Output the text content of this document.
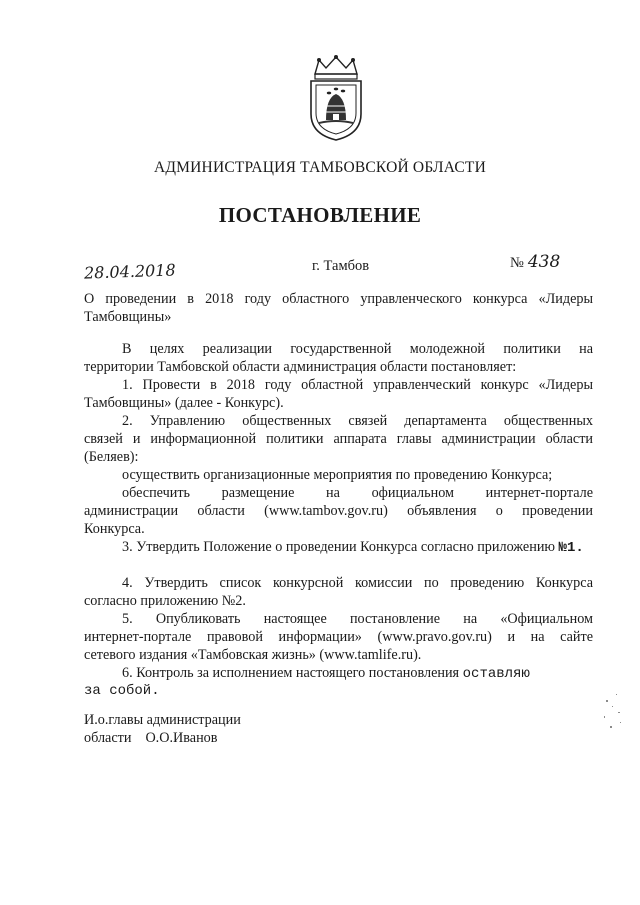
АДМИНИСТРАЦИЯ ТАМБОВСКОЙ ОБЛАСТИ
ПОСТАНОВЛЕНИЕ
28.04.2018	г. Тамбов	№ 438
О проведении в 2018 году областного управленческого конкурса «Лидеры
Тамбовщины»
В целях реализации государственной молодежной политики на
территории Тамбовской области администрация области постановляет:
1. Провести в 2018 году областной управленческий конкурс «Лидеры
Тамбовщины» (далее - Конкурс).
2. Управлению общественных связей департамента общественных
связей и информационной политики аппарата главы администрации области
(Беляев):
осуществить организационные мероприятия по проведению Конкурса;
обеспечить размещение на официальном интернет-портале
администрации области (www.tambov.gov.ru) объявления о проведении
Конкурса.
3. Утвердить Положение о проведении Конкурса согласно приложению №1.
4. Утвердить список конкурсной комиссии по проведению Конкурса
согласно приложению №2.
5. Опубликовать настоящее постановление на «Официальном
интернет-портале правовой информации» (www.pravo.gov.ru) и на сайте
сетевого издания «Тамбовская жизнь» (www.tamlife.ru).
6. Контроль за исполнением настоящего постановления оставляю
за собой.
И.о.главы администрации
области О.О.Иванов
